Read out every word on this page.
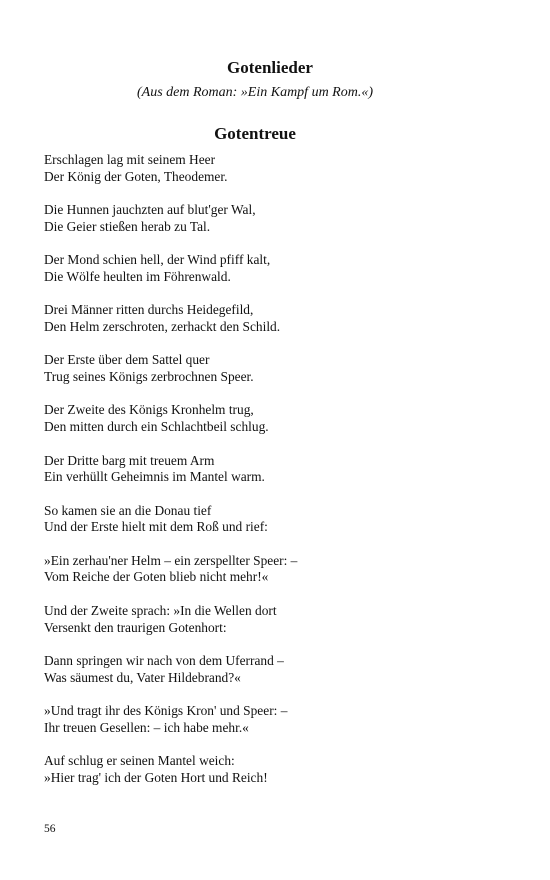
Gotenlieder
(Aus dem Roman: »Ein Kampf um Rom.«)
Gotentreue
Erschlagen lag mit seinem Heer
Der König der Goten, Theodemer.
Die Hunnen jauchzten auf blut'ger Wal,
Die Geier stießen herab zu Tal.
Der Mond schien hell, der Wind pfiff kalt,
Die Wölfe heulten im Föhrenwald.
Drei Männer ritten durchs Heidegefild,
Den Helm zerschroten, zerhackt den Schild.
Der Erste über dem Sattel quer
Trug seines Königs zerbrochnen Speer.
Der Zweite des Königs Kronhelm trug,
Den mitten durch ein Schlachtbeil schlug.
Der Dritte barg mit treuem Arm
Ein verhüllt Geheimnis im Mantel warm.
So kamen sie an die Donau tief
Und der Erste hielt mit dem Roß und rief:
»Ein zerhau'ner Helm – ein zerspellter Speer: –
Vom Reiche der Goten blieb nicht mehr!«
Und der Zweite sprach: »In die Wellen dort
Versenkt den traurigen Gotenhort:
Dann springen wir nach von dem Uferrand –
Was säumest du, Vater Hildebrand?«
»Und tragt ihr des Königs Kron' und Speer: –
Ihr treuen Gesellen: – ich habe mehr.«
Auf schlug er seinen Mantel weich:
»Hier trag' ich der Goten Hort und Reich!
56
